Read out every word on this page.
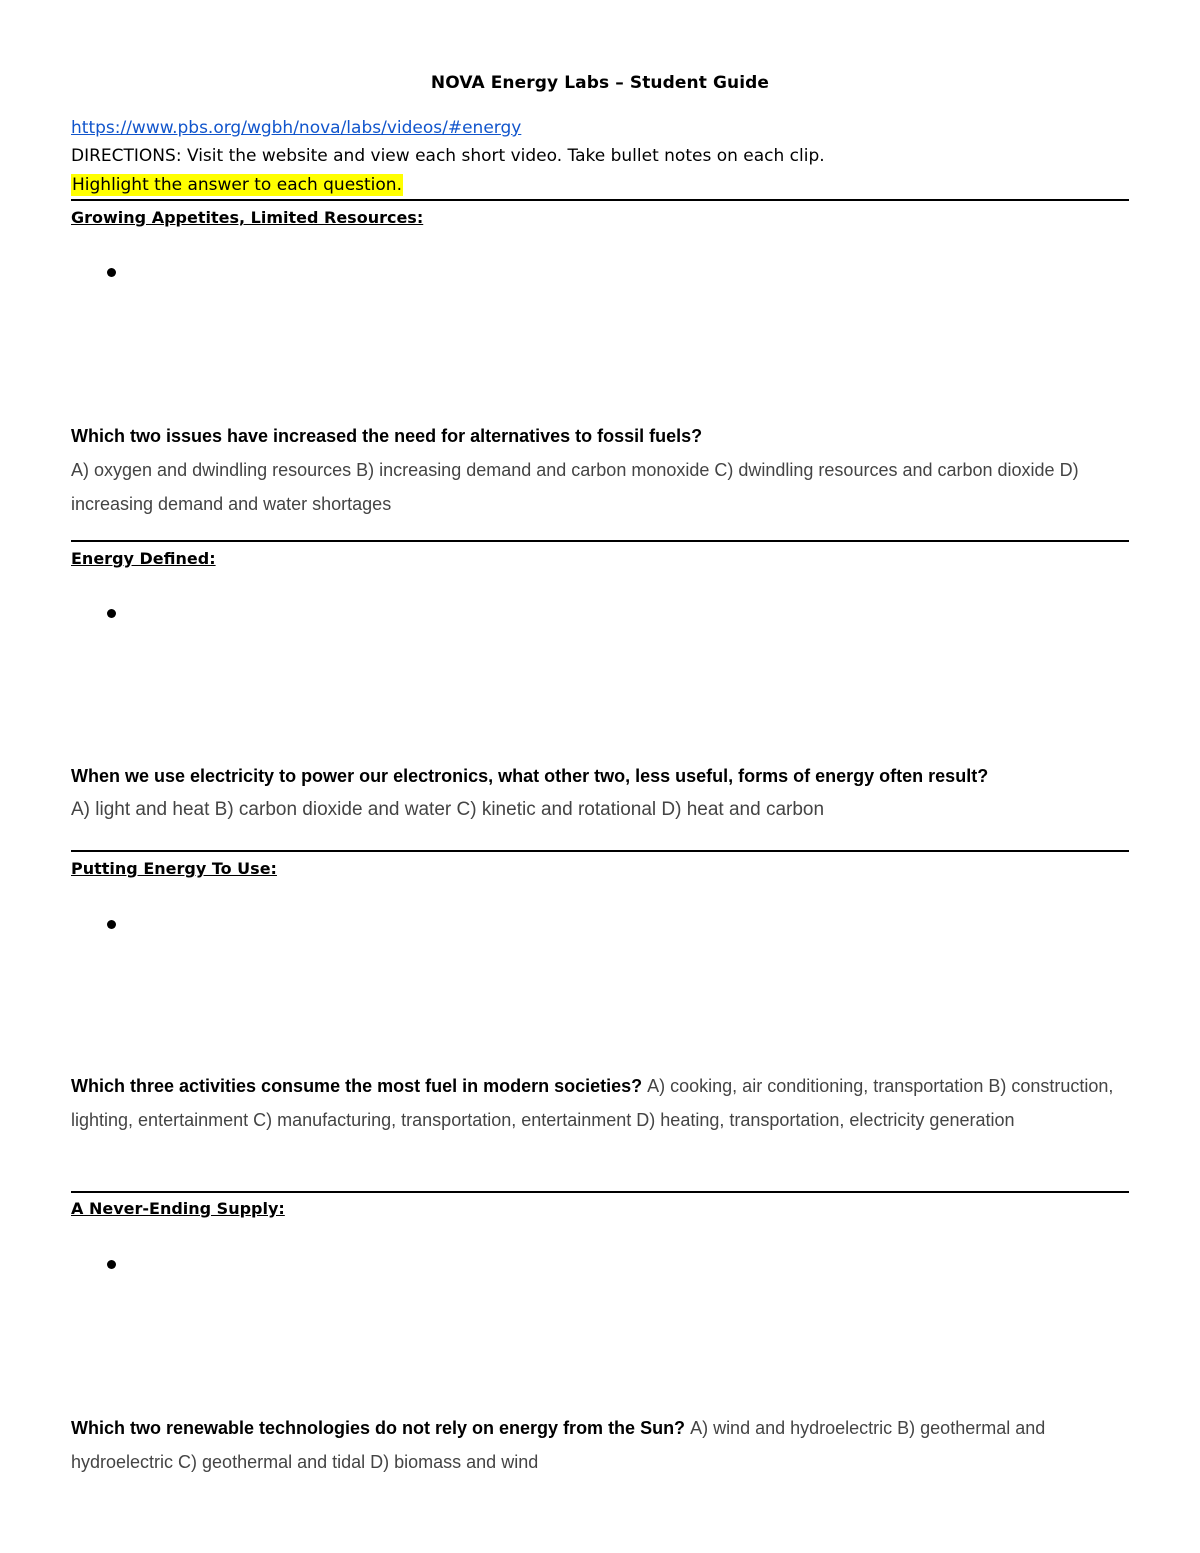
NOVA Energy Labs – Student Guide
https://www.pbs.org/wgbh/nova/labs/videos/#energy
DIRECTIONS: Visit the website and view each short video. Take bullet notes on each clip.
Highlight the answer to each question.
Growing Appetites, Limited Resources:
Which two issues have increased the need for alternatives to fossil fuels?
A) oxygen and dwindling resources B) increasing demand and carbon monoxide C) dwindling resources and carbon dioxide D) increasing demand and water shortages
Energy Defined:
When we use electricity to power our electronics, what other two, less useful, forms of energy often result?
A) light and heat B) carbon dioxide and water C) kinetic and rotational D) heat and carbon
Putting Energy To Use:
Which three activities consume the most fuel in modern societies? A) cooking, air conditioning, transportation B) construction, lighting, entertainment C) manufacturing, transportation, entertainment D) heating, transportation, electricity generation
A Never-Ending Supply:
Which two renewable technologies do not rely on energy from the Sun? A) wind and hydroelectric B) geothermal and hydroelectric C) geothermal and tidal D) biomass and wind
